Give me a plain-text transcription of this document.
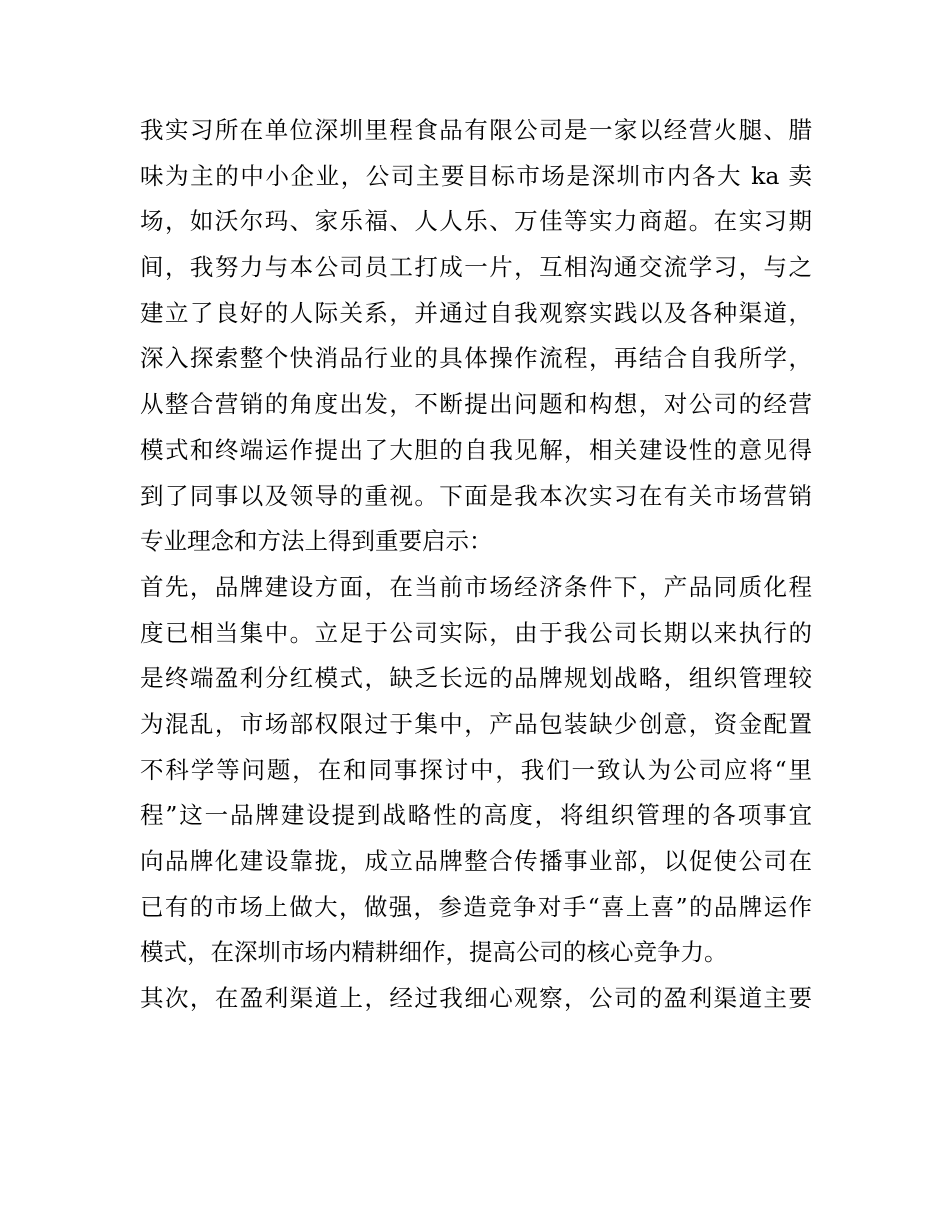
我实习所在单位深圳里程食品有限公司是一家以经营火腿、腊
味为主的中小企业，公司主要目标市场是深圳市内各大 ka 卖
场，如沃尔玛、家乐福、人人乐、万佳等实力商超。在实习期
间，我努力与本公司员工打成一片，互相沟通交流学习，与之
建立了良好的人际关系，并通过自我观察实践以及各种渠道，
深入探索整个快消品行业的具体操作流程，再结合自我所学，
从整合营销的角度出发，不断提出问题和构想，对公司的经营
模式和终端运作提出了大胆的自我见解，相关建设性的意见得
到了同事以及领导的重视。下面是我本次实习在有关市场营销
专业理念和方法上得到重要启示：

首先，品牌建设方面，在当前市场经济条件下，产品同质化程
度已相当集中。立足于公司实际，由于我公司长期以来执行的
是终端盈利分红模式，缺乏长远的品牌规划战略，组织管理较
为混乱，市场部权限过于集中，产品包装缺少创意，资金配置
不科学等问题，在和同事探讨中，我们一致认为公司应将“里
程”这一品牌建设提到战略性的高度，将组织管理的各项事宜
向品牌化建设靠拢，成立品牌整合传播事业部，以促使公司在
已有的市场上做大，做强，参造竞争对手“喜上喜”的品牌运作
模式，在深圳市场内精耕细作，提高公司的核心竞争力。

其次，在盈利渠道上，经过我细心观察，公司的盈利渠道主要
